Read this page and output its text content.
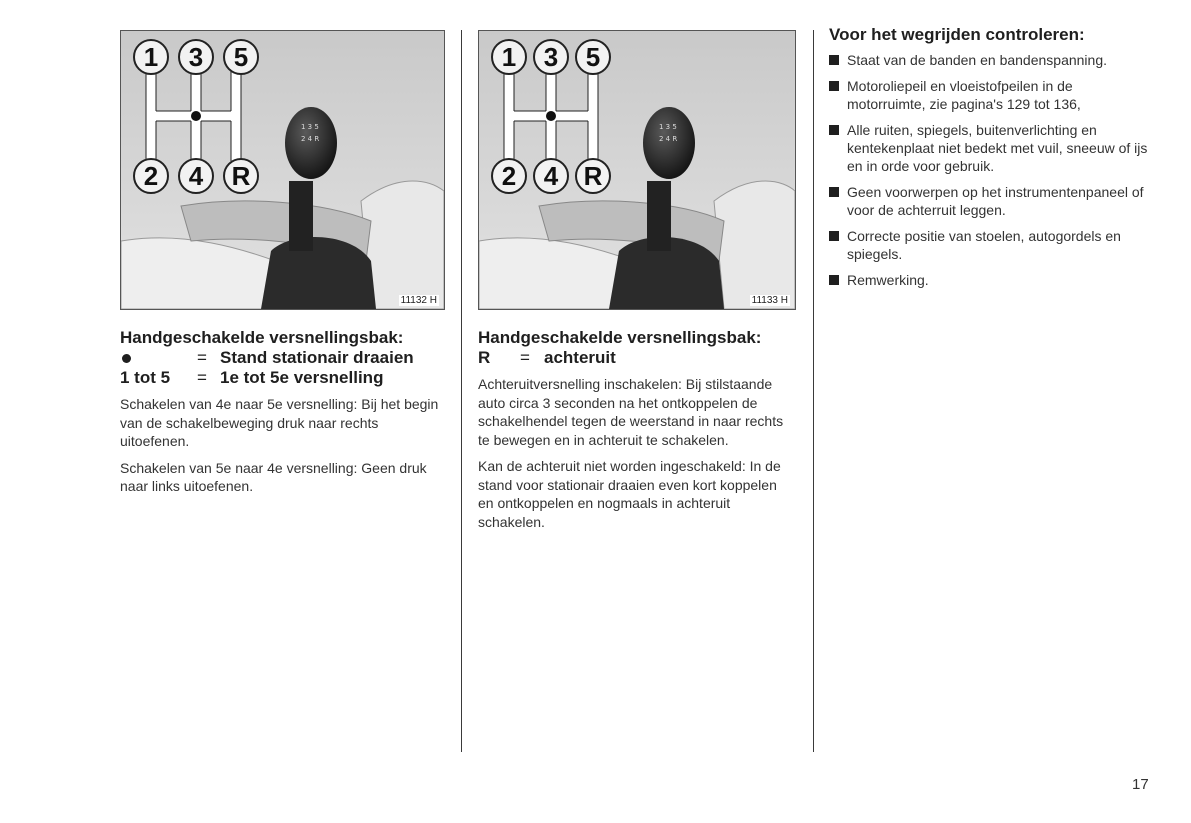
1 3 5
2 4 R
1 3 5
2 4 R
11132 H
Handgeschakelde versnellingsbak:
= Stand stationair draaien
1 tot 5	= 1e tot 5e versnelling

Schakelen van 4e naar 5e versnelling: Bij het begin van de schakelbeweging druk naar rechts uitoefenen.

Schakelen van 5e naar 4e versnelling: Geen druk naar links uitoefenen.

1 3 5
2 4 R
1 3 5
2 4 R
11133 H
Handgeschakelde versnellingsbak:
R	= achteruit

Achteruitversnelling inschakelen: Bij stilstaande auto circa 3 seconden na het ontkoppelen de schakelhendel tegen de weerstand in naar rechts te bewegen en in achteruit te schakelen.

Kan de achteruit niet worden ingeschakeld: In de stand voor stationair draaien even kort koppelen en ontkoppelen en nogmaals in achteruit schakelen.

Voor het wegrijden controleren:
Staat van de banden en bandenspanning.
Motoroliepeil en vloeistofpeilen in de motorruimte, zie pagina's 129 tot 136,
Alle ruiten, spiegels, buitenverlichting en kentekenplaat niet bedekt met vuil, sneeuw of ijs en in orde voor gebruik.
Geen voorwerpen op het instrumentenpaneel of voor de achterruit leggen.
Correcte positie van stoelen, autogordels en spiegels.
Remwerking.
17
